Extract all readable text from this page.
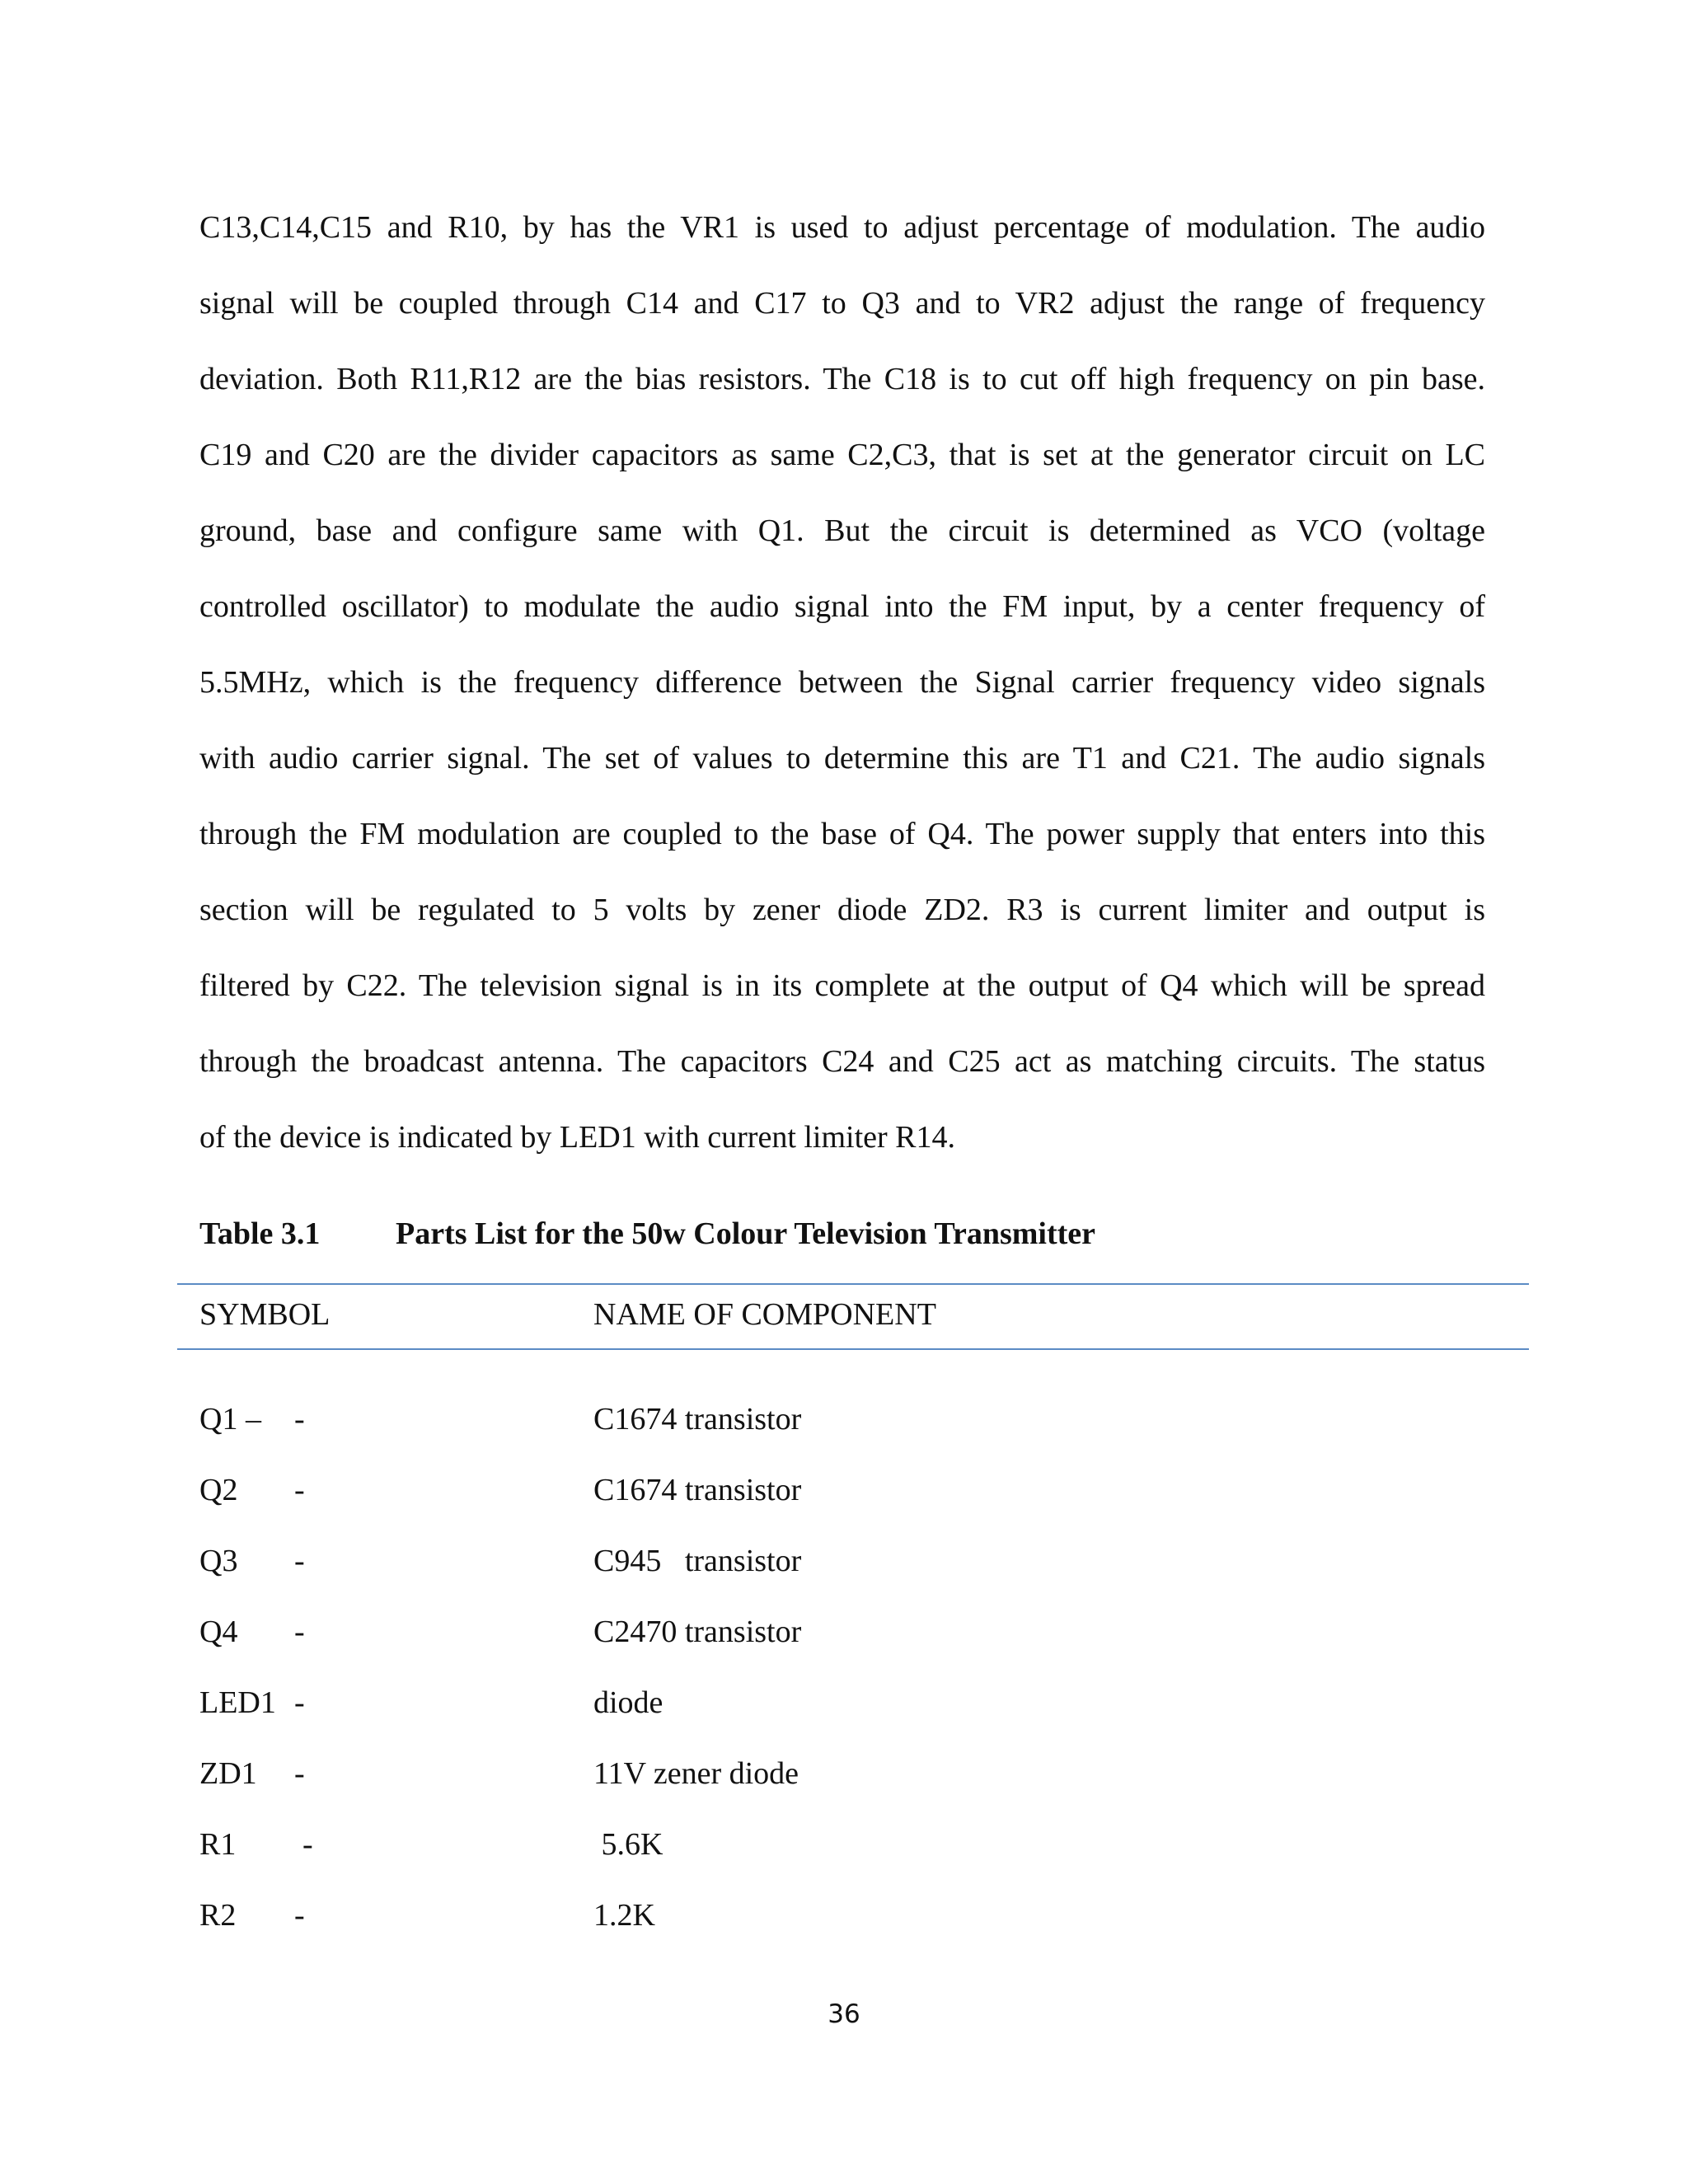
C13,C14,C15 and R10, by has the VR1 is used to adjust percentage of modulation. The audio
signal will be coupled through C14 and C17 to Q3 and to VR2 adjust the range of frequency
deviation. Both R11,R12 are the bias resistors. The C18 is to cut off high frequency on pin base.
C19 and C20 are the divider capacitors as same C2,C3, that is set at the generator circuit on LC
ground, base and configure same with Q1. But the circuit is determined as VCO (voltage
controlled oscillator) to modulate the audio signal into the FM input, by a center frequency of
5.5MHz, which is the frequency difference between the Signal carrier frequency video signals
with audio carrier signal. The set of values to determine this are T1 and C21. The audio signals
through the FM modulation are coupled to the base of Q4. The power supply that enters into this
section will be regulated to 5 volts by zener diode ZD2. R3 is current limiter and output is
filtered by C22. The television signal is in its complete at the output of Q4 which will be spread
through the broadcast antenna. The capacitors C24 and C25 act as matching circuits. The status
of the device is indicated by LED1 with current limiter R14.
Table 3.1 Parts List for the 50w Colour Television Transmitter
SYMBOL	NAME OF COMPONENT
Q1 – -	C1674 transistor
Q2 -	C1674 transistor
Q3 -	C945   transistor
Q4 -	C2470 transistor
LED1 -	diode
ZD1 -	11V zener diode
R1 -	5.6K
R2 -	1.2K
36
